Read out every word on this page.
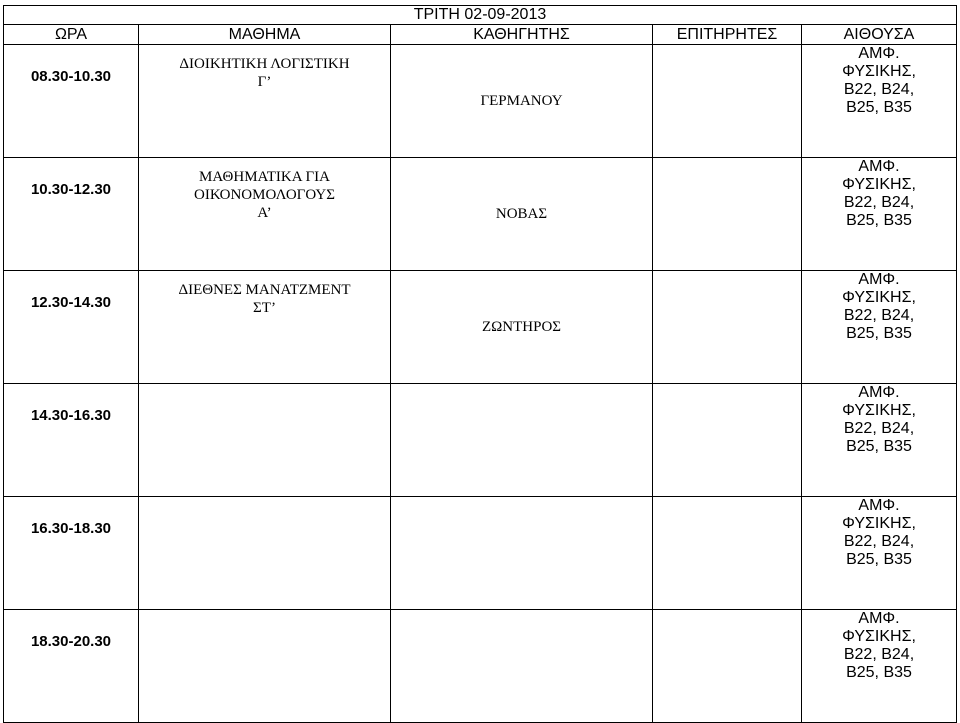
ΤΡΙΤΗ 02-09-2013				
ΩΡΑ	ΜΑΘΗΜΑ	ΚΑΘΗΓΗΤΗΣ	ΕΠΙΤΗΡΗΤΕΣ	ΑΙΘΟΥΣΑ
08.30-10.30	ΔΙΟΙΚΗΤΙΚΗ ΛΟΓΙΣΤΙΚΗ
Γ’	ΓΕΡΜΑΝΟΥ		ΑΜΦ.
ΦΥΣΙΚΗΣ,
Β22, Β24,
Β25, Β35

10.30-12.30	ΜΑΘΗΜΑΤΙΚΑ ΓΙΑ
ΟΙΚΟΝΟΜΟΛΟΓΟΥΣ
Α’	ΝΟΒΑΣ		ΑΜΦ.
ΦΥΣΙΚΗΣ,
Β22, Β24,
Β25, Β35

12.30-14.30	ΔΙΕΘΝΕΣ ΜΑΝΑΤΖΜΕΝΤ
ΣΤ’	ΖΩΝΤΗΡΟΣ		ΑΜΦ.
ΦΥΣΙΚΗΣ,
Β22, Β24,
Β25, Β35

14.30-16.30				ΑΜΦ.
ΦΥΣΙΚΗΣ,
Β22, Β24,
Β25, Β35

16.30-18.30				ΑΜΦ.
ΦΥΣΙΚΗΣ,
Β22, Β24,
Β25, Β35

18.30-20.30				ΑΜΦ.
ΦΥΣΙΚΗΣ,
Β22, Β24,
Β25, Β35
